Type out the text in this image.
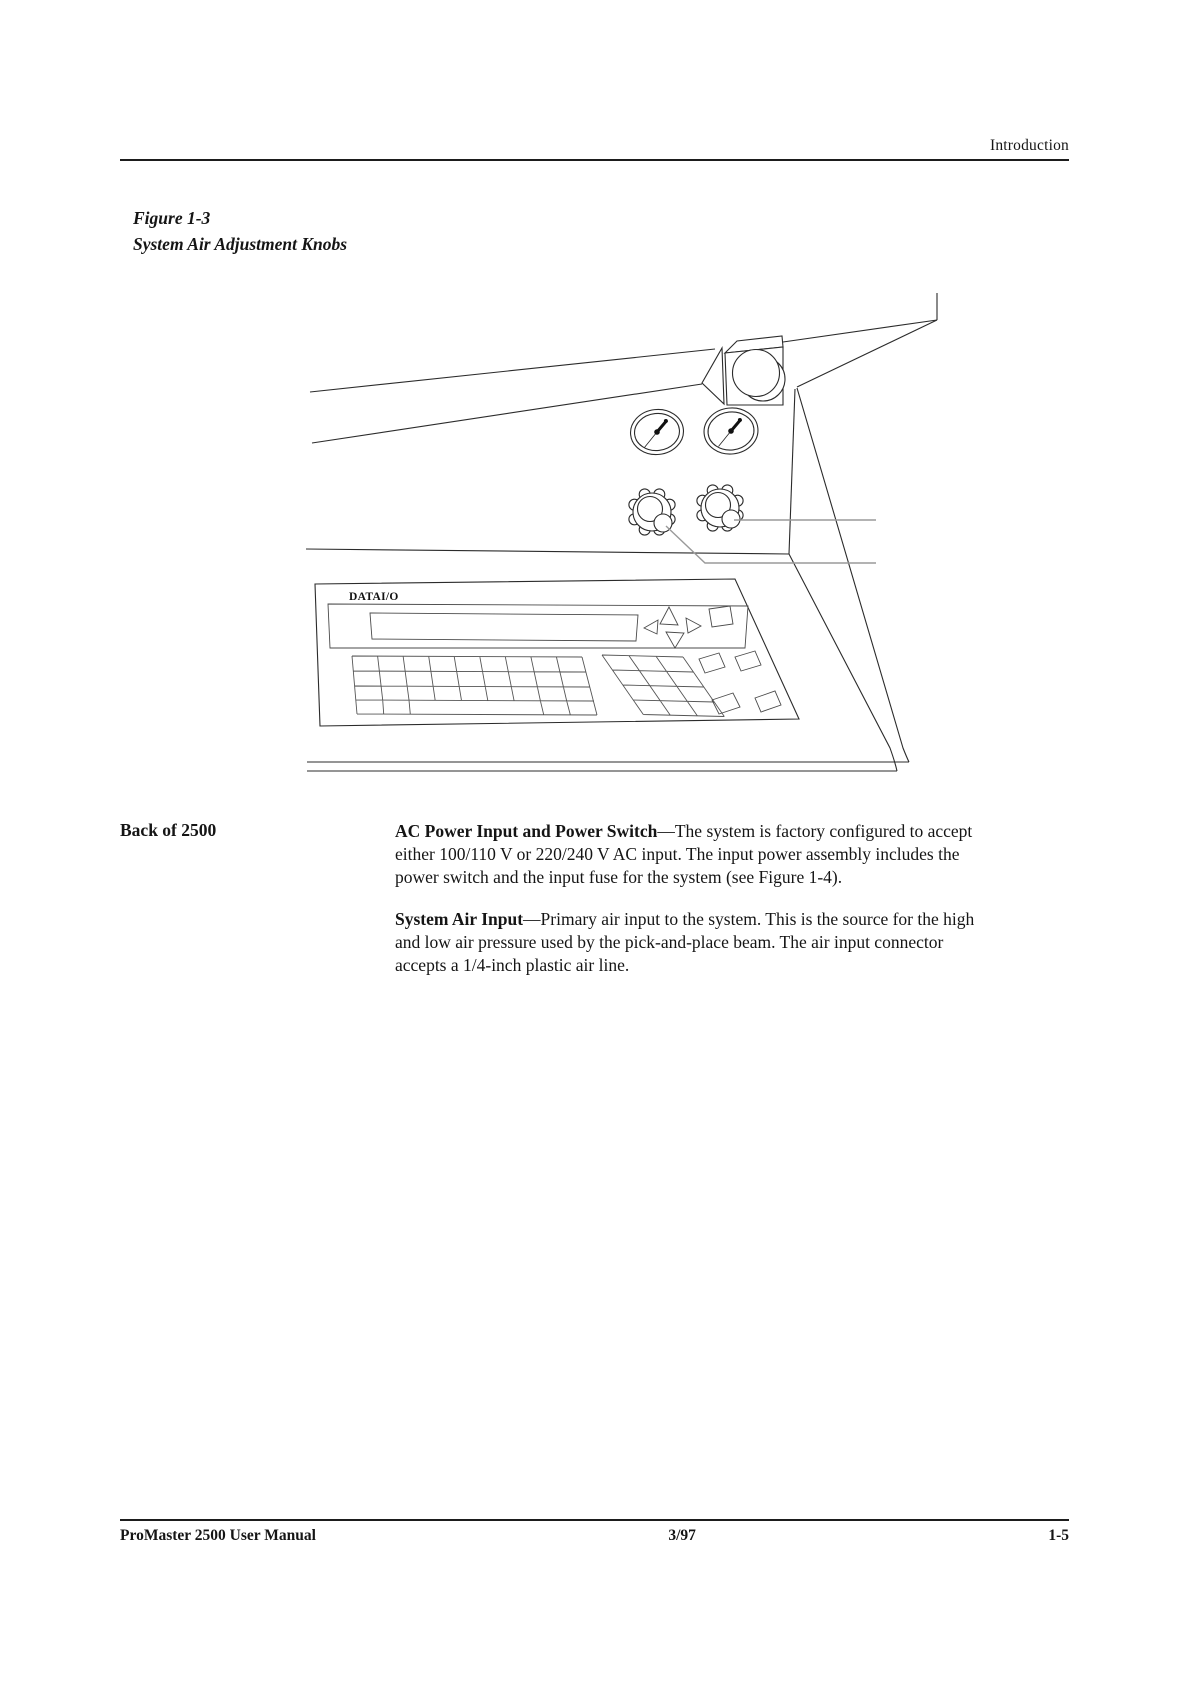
Introduction
Figure 1-3
System Air Adjustment Knobs
DATAI/O
Back of 2500	AC Power Input and Power Switch—The system is factory configured to accept either 100/110 V or 220/240 V AC input. The input power assembly includes the power switch and the input fuse for the system (see Figure 1-4).

System Air Input—Primary air input to the system. This is the source for the high and low air pressure used by the pick-and-place beam. The air input connector accepts a 1/4-inch plastic air line.

ProMaster 2500 User Manual	3/97	1-5
